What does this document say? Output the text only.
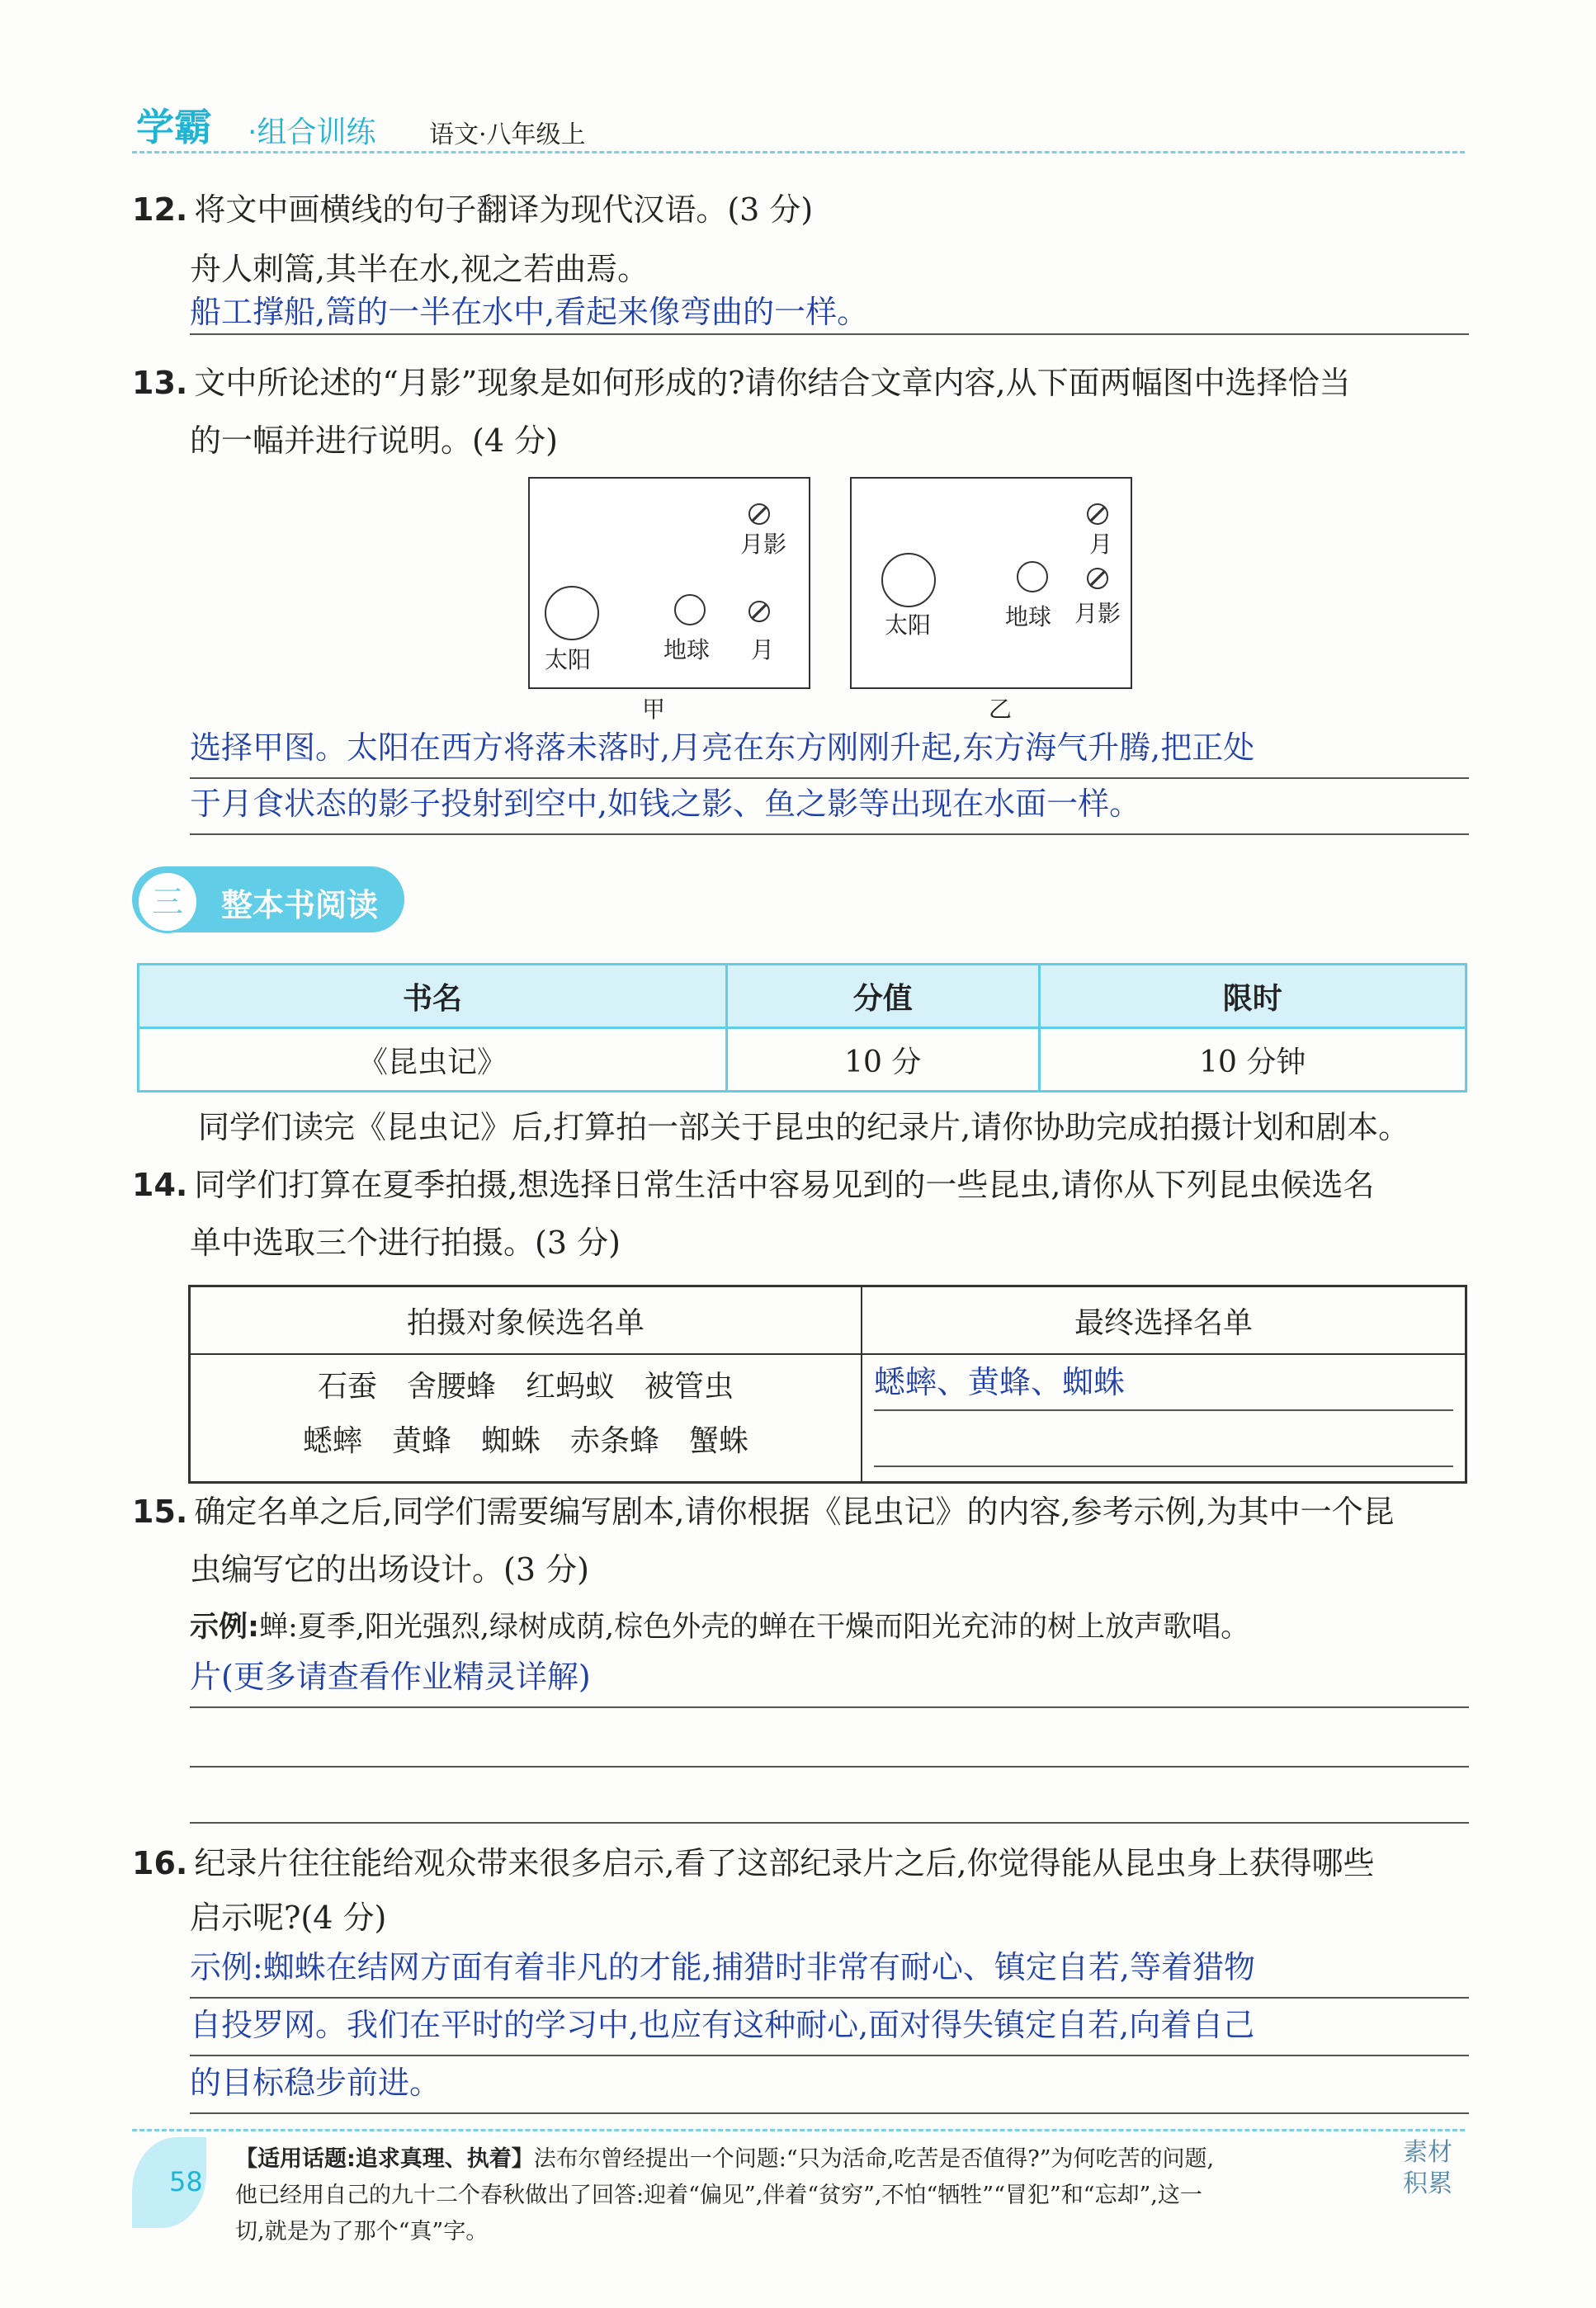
学霸 ·组合训练 语文·八年级上
12. 将文中画横线的句子翻译为现代汉语。(3 分)
舟人刺篙,其半在水,视之若曲焉。
船工撑船,篙的一半在水中,看起来像弯曲的一样。
13. 文中所论述的“月影”现象是如何形成的?请你结合文章内容,从下面两幅图中选择恰当
的一幅并进行说明。(4 分)
月影
太阳	地球 月
甲
月
太阳	地球 月影
乙
选择甲图。太阳在西方将落未落时,月亮在东方刚刚升起,东方海气升腾,把正处
于月食状态的影子投射到空中,如钱之影、鱼之影等出现在水面一样。
三	整本书阅读
书名	分值	限时
《昆虫记》	10 分	10 分钟
同学们读完《昆虫记》后,打算拍一部关于昆虫的纪录片,请你协助完成拍摄计划和剧本。
14. 同学们打算在夏季拍摄,想选择日常生活中容易见到的一些昆虫,请你从下列昆虫候选名
单中选取三个进行拍摄。(3 分)
拍摄对象候选名单	最终选择名单

石蚕　舍腰蜂　红蚂蚁　被管虫
蟋蟀　黄蜂　蜘蛛　赤条蜂　蟹蛛	蟋蟀、黄蜂、蜘蛛
15. 确定名单之后,同学们需要编写剧本,请你根据《昆虫记》的内容,参考示例,为其中一个昆
虫编写它的出场设计。(3 分)
示例:蝉:夏季,阳光强烈,绿树成荫,棕色外壳的蝉在干燥而阳光充沛的树上放声歌唱。
片(更多请查看作业精灵详解)
16. 纪录片往往能给观众带来很多启示,看了这部纪录片之后,你觉得能从昆虫身上获得哪些
启示呢?(4 分)
示例:蜘蛛在结网方面有着非凡的才能,捕猎时非常有耐心、镇定自若,等着猎物
自投罗网。我们在平时的学习中,也应有这种耐心,面对得失镇定自若,向着自己
的目标稳步前进。
58
【适用话题:追求真理、执着】法布尔曾经提出一个问题:“只为活命,吃苦是否值得?”为何吃苦的问题,
他已经用自己的九十二个春秋做出了回答:迎着“偏见”,伴着“贫穷”,不怕“牺牲”“冒犯”和“忘却”,这一
切,就是为了那个“真”字。
素材积累
